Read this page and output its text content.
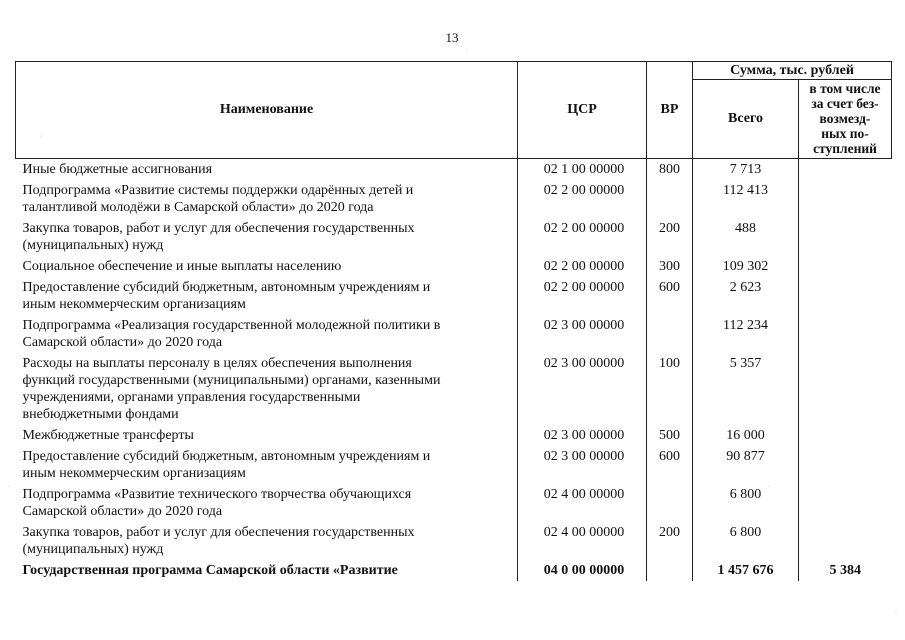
13
Наименование	ЦСР	ВР	Сумма, тыс. рублей	
			Всего	в том числе
за счет без-
возмезд-
ных по-
ступлений

Иные бюджетные ассигнования	02 1 00 00000	800	7 713	

Подпрограмма «Развитие системы поддержки одарённых детей и
талантливой молодёжи в Самарской области» до 2020 года	02 2 00 00000		112 413	

Закупка товаров, работ и услуг для обеспечения государственных
(муниципальных) нужд	02 2 00 00000	200	488	

Социальное обеспечение и иные выплаты населению	02 2 00 00000	300	109 302	

Предоставление субсидий бюджетным, автономным учреждениям и
иным некоммерческим организациям	02 2 00 00000	600	2 623	

Подпрограмма «Реализация государственной молодежной политики в
Самарской области» до 2020 года	02 3 00 00000		112 234	

Расходы на выплаты персоналу в целях обеспечения выполнения
функций государственными (муниципальными) органами, казенными
учреждениями, органами управления государственными
внебюджетными фондами	02 3 00 00000	100	5 357	

Межбюджетные трансферты	02 3 00 00000	500	16 000	

Предоставление субсидий бюджетным, автономным учреждениям и
иным некоммерческим организациям	02 3 00 00000	600	90 877	

Подпрограмма «Развитие технического творчества обучающихся
Самарской области» до 2020 года	02 4 00 00000		6 800	

Закупка товаров, работ и услуг для обеспечения государственных
(муниципальных) нужд	02 4 00 00000	200	6 800	

Государственная программа Самарской области «Развитие	04 0 00 00000		1 457 676	5 384
·
·
·	·
·
